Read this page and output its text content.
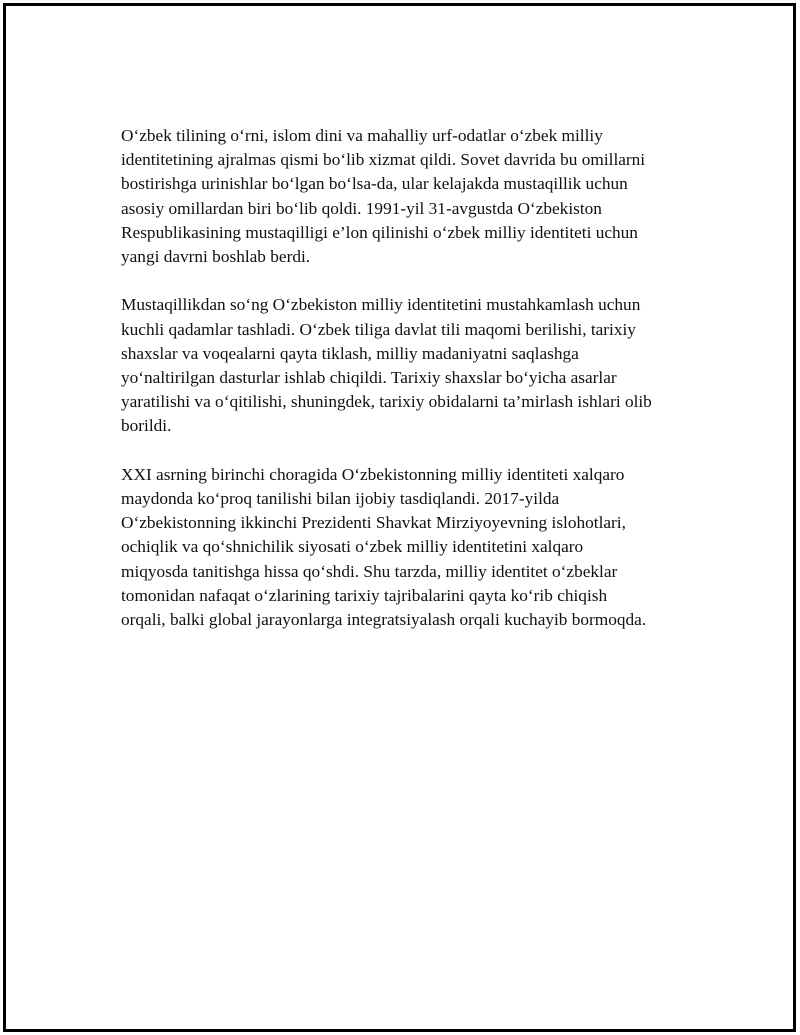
O‘zbek tilining o‘rni, islom dini va mahalliy urf-odatlar o‘zbek milliy
identitetining ajralmas qismi bo‘lib xizmat qildi. Sovet davrida bu omillarni
bostirishga urinishlar bo‘lgan bo‘lsa-da, ular kelajakda mustaqillik uchun
asosiy omillardan biri bo‘lib qoldi. 1991-yil 31-avgustda O‘zbekiston
Respublikasining mustaqilligi e’lon qilinishi o‘zbek milliy identiteti uchun
yangi davrni boshlab berdi.

Mustaqillikdan so‘ng O‘zbekiston milliy identitetini mustahkamlash uchun
kuchli qadamlar tashladi. O‘zbek tiliga davlat tili maqomi berilishi, tarixiy
shaxslar va voqealarni qayta tiklash, milliy madaniyatni saqlashga
yo‘naltirilgan dasturlar ishlab chiqildi. Tarixiy shaxslar bo‘yicha asarlar
yaratilishi va o‘qitilishi, shuningdek, tarixiy obidalarni ta’mirlash ishlari olib
borildi.

XXI asrning birinchi choragida O‘zbekistonning milliy identiteti xalqaro
maydonda ko‘proq tanilishi bilan ijobiy tasdiqlandi. 2017-yilda
O‘zbekistonning ikkinchi Prezidenti Shavkat Mirziyoyevning islohotlari,
ochiqlik va qo‘shnichilik siyosati o‘zbek milliy identitetini xalqaro
miqyosda tanitishga hissa qo‘shdi. Shu tarzda, milliy identitet o‘zbeklar
tomonidan nafaqat o‘zlarining tarixiy tajribalarini qayta ko‘rib chiqish
orqali, balki global jarayonlarga integratsiyalash orqali kuchayib bormoqda.
